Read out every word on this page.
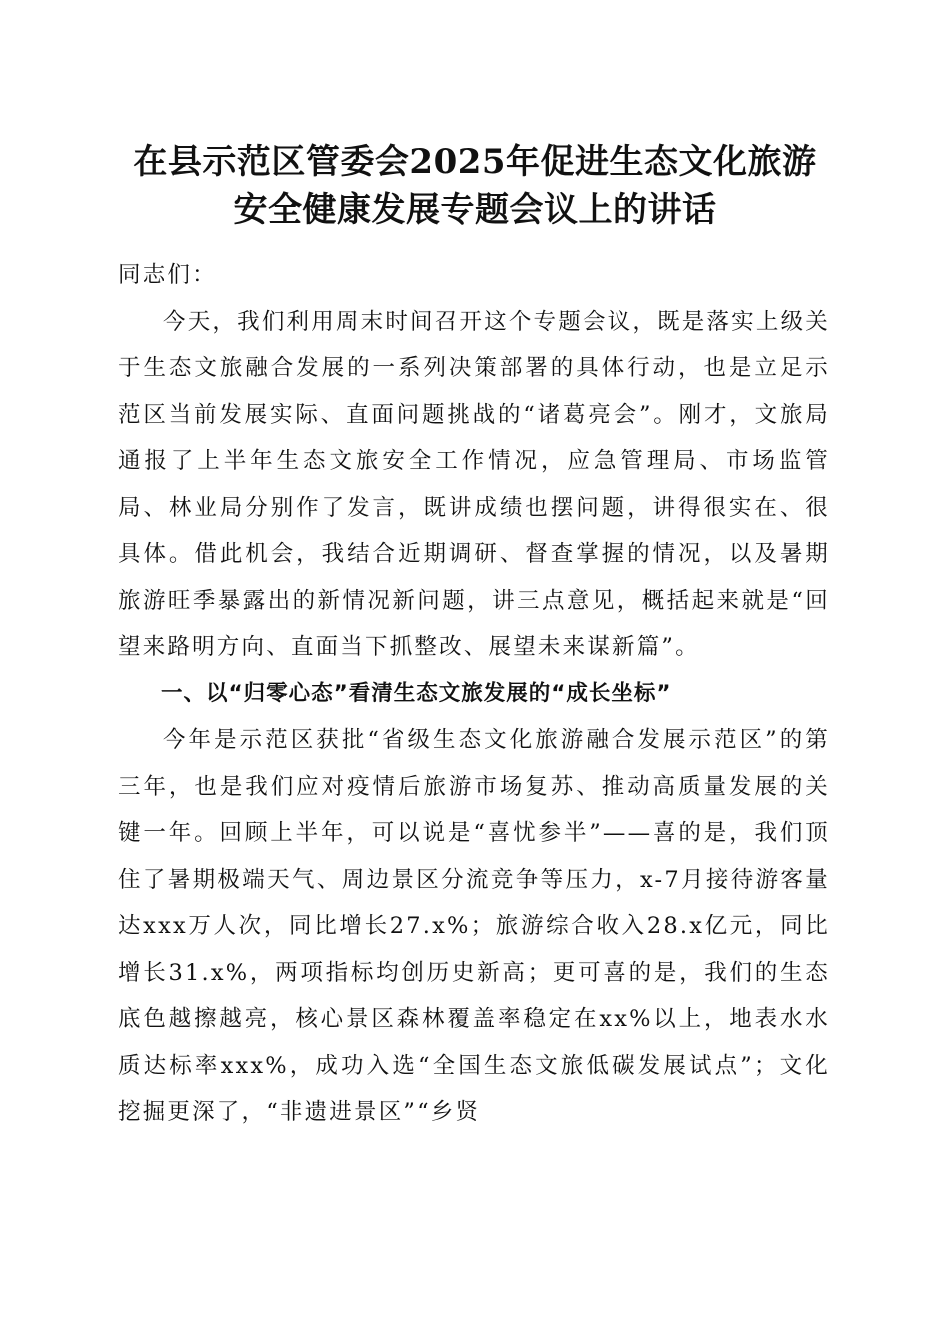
在县示范区管委会2025年促进生态文化旅游
安全健康发展专题会议上的讲话

同志们：

今天，我们利用周末时间召开这个专题会议，既是落实上级关于生态文旅融合发展的一系列决策部署的具体行动，也是立足示范区当前发展实际、直面问题挑战的“诸葛亮会”。刚才，文旅局通报了上半年生态文旅安全工作情况，应急管理局、市场监管局、林业局分别作了发言，既讲成绩也摆问题，讲得很实在、很具体。借此机会，我结合近期调研、督查掌握的情况，以及暑期旅游旺季暴露出的新情况新问题，讲三点意见，概括起来就是“回望来路明方向、直面当下抓整改、展望未来谋新篇”。

一、以“归零心态”看清生态文旅发展的“成长坐标”

今年是示范区获批“省级生态文化旅游融合发展示范区”的第三年，也是我们应对疫情后旅游市场复苏、推动高质量发展的关键一年。回顾上半年，可以说是“喜忧参半”——喜的是，我们顶住了暑期极端天气、周边景区分流竞争等压力，x-7月接待游客量达xxx万人次，同比增长27.x%；旅游综合收入28.x亿元，同比增长31.x%，两项指标均创历史新高；更可喜的是，我们的生态底色越擦越亮，核心景区森林覆盖率稳定在xx%以上，地表水水质达标率xxx%，成功入选“全国生态文旅低碳发展试点”；文化挖掘更深了，“非遗进景区”“乡贤
